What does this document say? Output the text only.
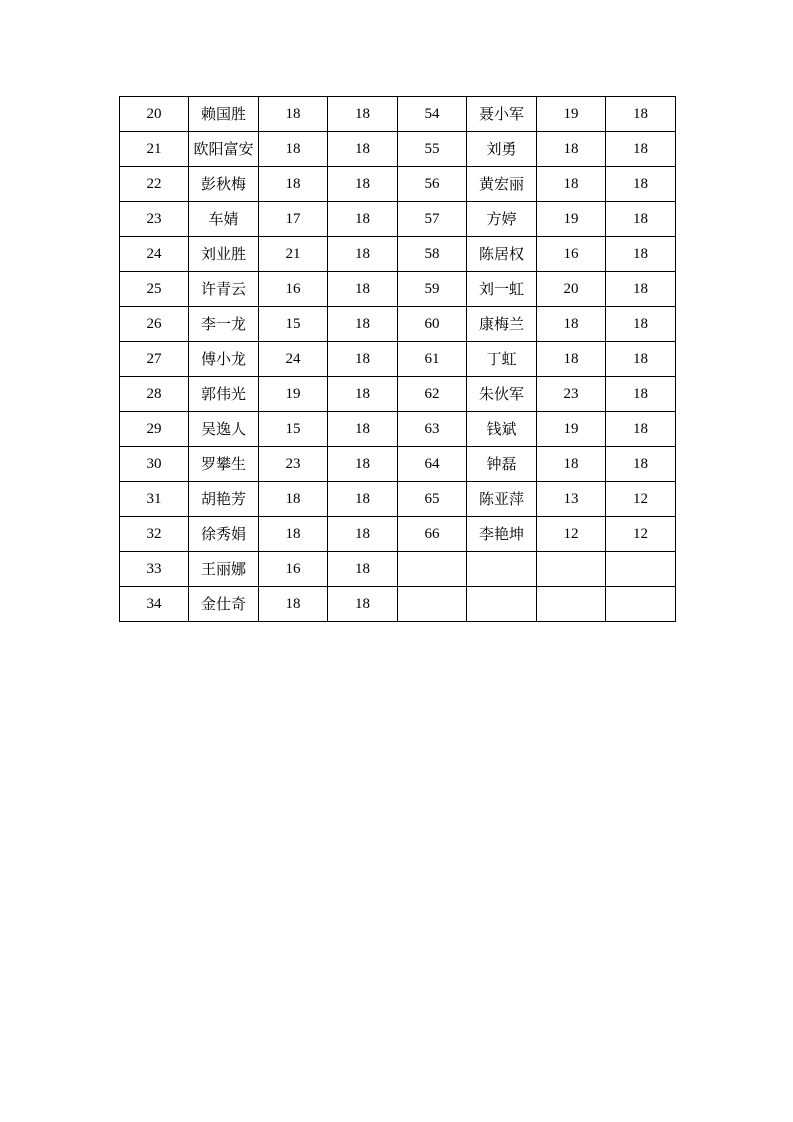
20	赖国胜	18	18	54	聂小军	19	18
21	欧阳富安	18	18	55	刘勇	18	18
22	彭秋梅	18	18	56	黄宏丽	18	18
23	车婧	17	18	57	方婷	19	18
24	刘业胜	21	18	58	陈居权	16	18
25	许青云	16	18	59	刘一虹	20	18
26	李一龙	15	18	60	康梅兰	18	18
27	傅小龙	24	18	61	丁虹	18	18
28	郭伟光	19	18	62	朱伙军	23	18
29	吴逸人	15	18	63	钱斌	19	18
30	罗攀生	23	18	64	钟磊	18	18
31	胡艳芳	18	18	65	陈亚萍	13	12
32	徐秀娟	18	18	66	李艳坤	12	12
33	王丽娜	16	18				
34	金仕奇	18	18				
